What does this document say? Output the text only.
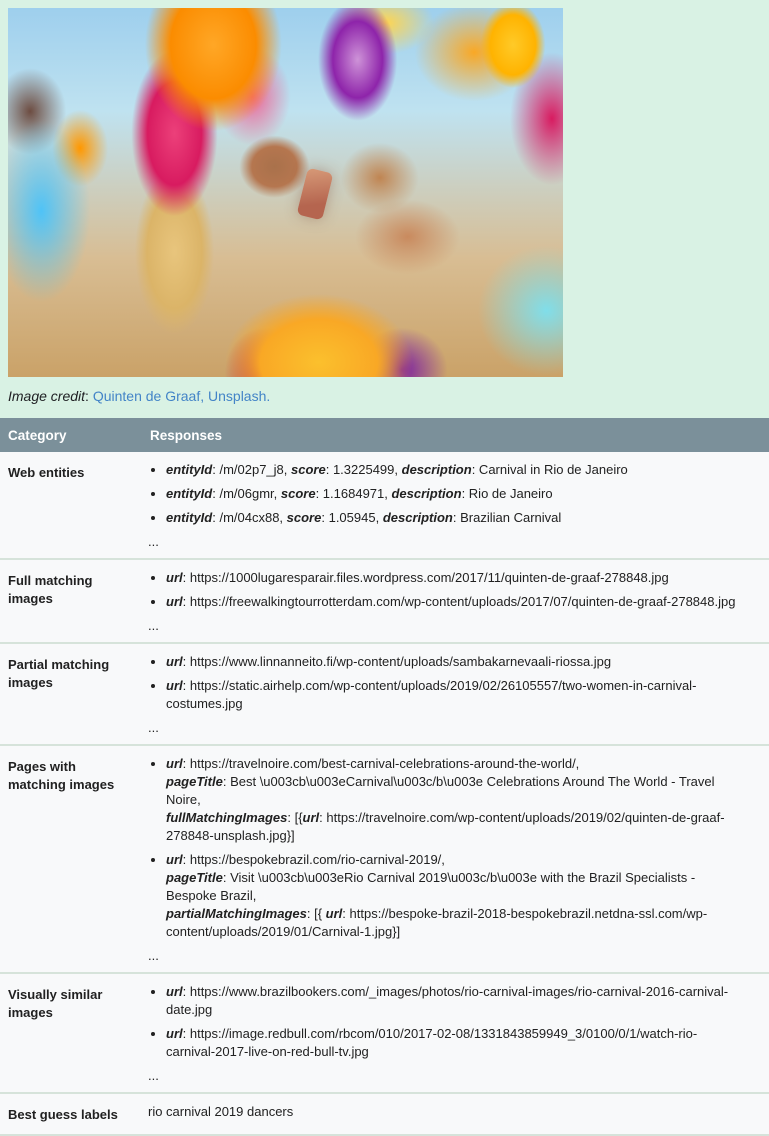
Image credit: Quinten de Graaf, Unsplash.

Category	Responses
Web entities	
•entityId: /m/02p7_j8, score: 1.3225499, description: Carnival in Rio de Janeiro
• entityId: /m/06gmr, score: 1.1684971, description: Rio de Janeiro
• entityId: /m/04cx88, score: 1.05945, description: Brazilian Carnival
...

Full matching images	
• url: https://1000lugaresparair.files.wordpress.com/2017/11/quinten-de-graaf-278848.jpg
• url: https://freewalkingtourrotterdam.com/wp-content/uploads/2017/07/quinten-de-graaf-278848.jpg
...

Partial matching images	
• url: https://www.linnanneito.fi/wp-content/uploads/sambakarnevaali-riossa.jpg
• url: https://static.airhelp.com/wp-content/uploads/2019/02/26105557/two-women-in-carnival-costumes.jpg
...

Pages with matching images	
• url: https://travelnoire.com/best-carnival-celebrations-around-the-world/,
pageTitle: Best \u003cb\u003eCarnival\u003c/b\u003e Celebrations Around The World - Travel Noire,
fullMatchingImages: [{url: https://travelnoire.com/wp-content/uploads/2019/02/quinten-de-graaf-278848-unsplash.jpg}]
• url: https://bespokebrazil.com/rio-carnival-2019/,
pageTitle: Visit \u003cb\u003eRio Carnival 2019\u003c/b\u003e with the Brazil Specialists - Bespoke Brazil,
partialMatchingImages: [{ url: https://bespoke-brazil-2018-bespokebrazil.netdna-ssl.com/wp-content/uploads/2019/01/Carnival-1.jpg}]
...

Visually similar images	
• url: https://www.brazilbookers.com/_images/photos/rio-carnival-images/rio-carnival-2016-carnival-date.jpg
• url: https://image.redbull.com/rbcom/010/2017-02-08/1331843859949_3/0100/0/1/watch-rio-carnival-2017-live-on-red-bull-tv.jpg
...

Best guess labels	rio carnival 2019 dancers
